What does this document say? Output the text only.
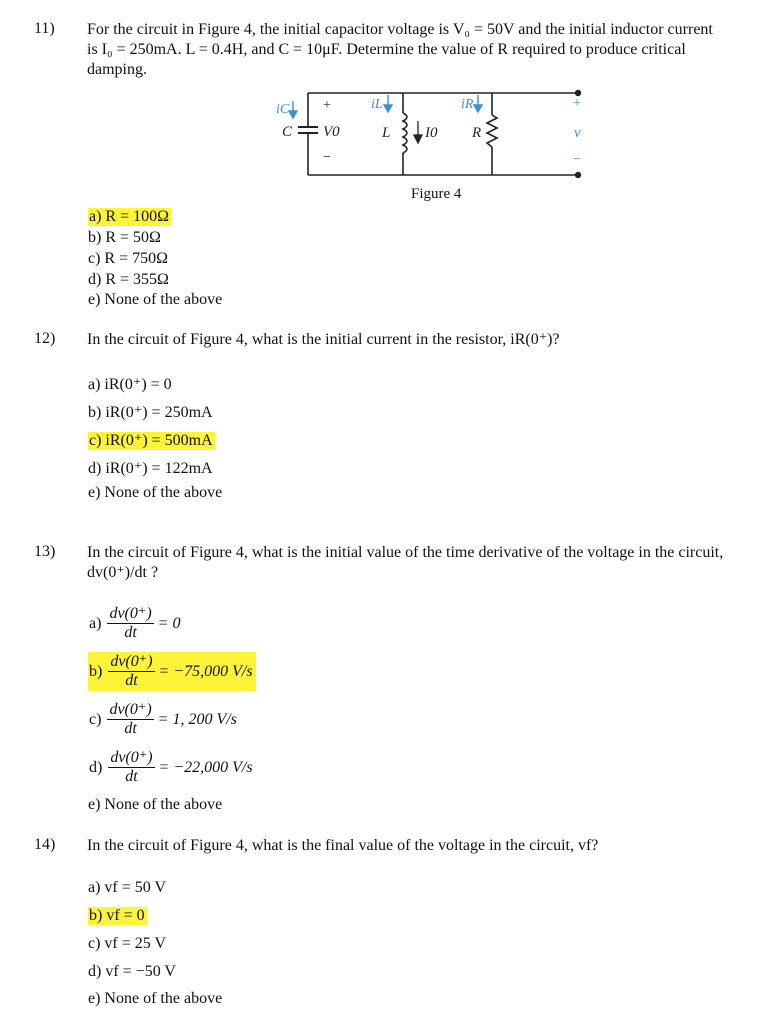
11) For the circuit in Figure 4, the initial capacitor voltage is V₀ = 50V and the initial inductor current is I₀ = 250mA. L = 0.4H, and C = 10μF. Determine the value of R required to produce critical damping.
iC	iL	iR
+
C V0
−
L I0 R
+
v
−
Figure 4
a) R = 100Ω
b) R = 50Ω
c) R = 750Ω
d) R = 355Ω
e) None of the above
12) In the circuit of Figure 4, what is the initial current in the resistor, iR(0⁺)?
a) iR(0⁺) = 0
b) iR(0⁺) = 250mA
c) iR(0⁺) = 500mA
d) iR(0⁺) = 122mA
e) None of the above
13) In the circuit of Figure 4, what is the initial value of the time derivative of the voltage in the circuit, dv(0⁺)/dt ?
$a) \frac{dv(0^+)}{dt} = 0$
$b) \frac{dv(0^+)}{dt} = -75,000$ V/s
$c) \frac{dv(0^+)}{dt} = 1$, 200 V/s
$d) \frac{dv(0^+)}{dt} = -22,000$ V/s
e) None of the above
14) In the circuit of Figure 4, what is the final value of the voltage in the circuit, vf?
a) vf = 50 V
b) vf = 0
c) vf = 25 V
d) vf = −50 V
e) None of the above
